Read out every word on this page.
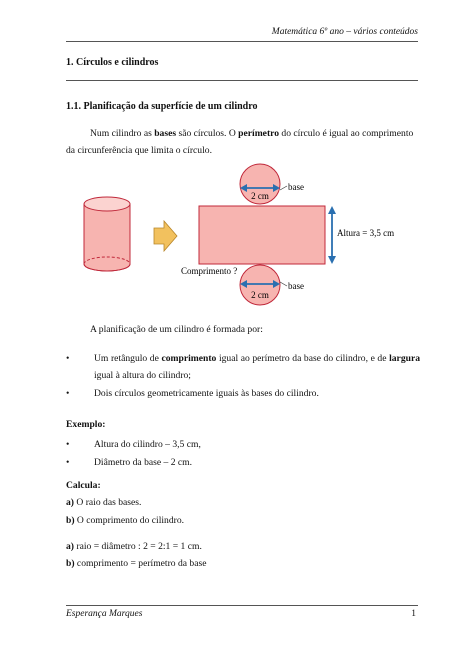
Matemática 6º ano – vários conteúdos
1. Círculos e cilindros
1.1. Planificação da superfície de um cilindro
Num cilindro as bases são círculos. O perímetro do círculo é igual ao comprimento da circunferência que limita o círculo.
2 cm
base
Altura = 3,5 cm
Comprimento ?
2 cm
base
A planificação de um cilindro é formada por:
•	Um retângulo de comprimento igual ao perímetro da base do cilindro, e de largura igual à altura do cilindro;
•	Dois círculos geometricamente iguais às bases do cilindro.
Exemplo:
•	Altura do cilindro – 3,5 cm,
•	Diâmetro da base – 2 cm.
Calcula:
a) O raio das bases.
b) O comprimento do cilindro.
a) raio = diâmetro : 2 = 2:1 = 1 cm.
b) comprimento = perímetro da base
Esperança Marques	1
